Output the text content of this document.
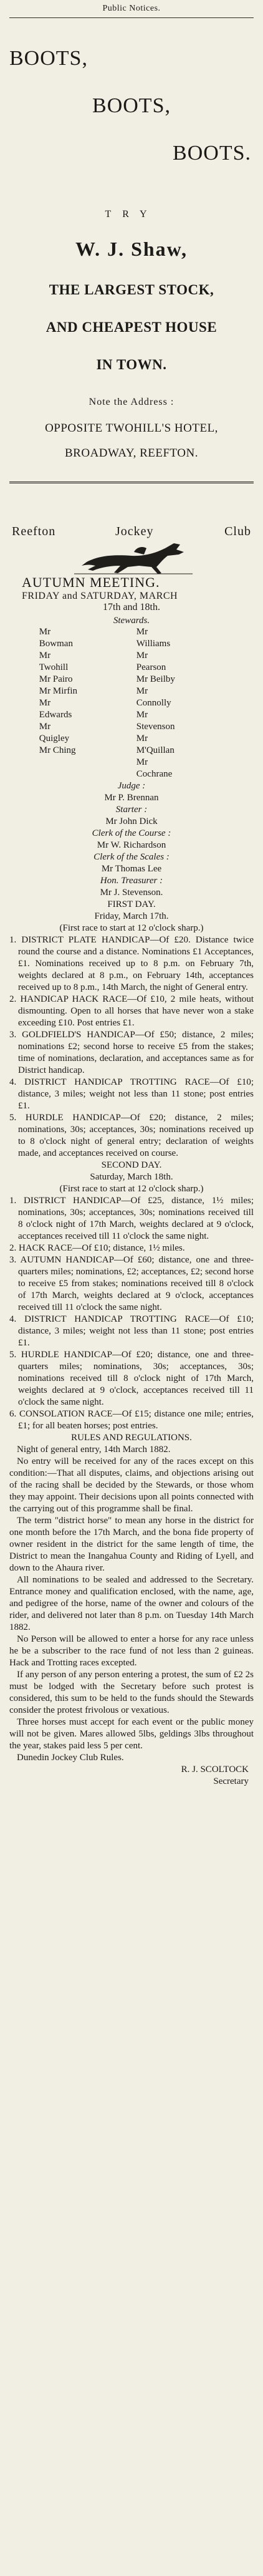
Public Notices.
BOOTS,
BOOTS,
BOOTS.
TRY
W. J. Shaw,
THE LARGEST STOCK,
AND CHEAPEST HOUSE
IN TOWN.
Note the Address :
OPPOSITE TWOHILL'S HOTEL,
BROADWAY, REEFTON.
Reefton	Jockey	Club
AUTUMN MEETING.
FRIDAY and SATURDAY, MARCH
17th and 18th.
Stewards.
Mr Bowman
Mr Twohill
Mr Pairo
Mr Mirfin
Mr Edwards
Mr Quigley
Mr Ching
Mr Williams
Mr Pearson
Mr Beilby
Mr Connolly
Mr Stevenson
Mr M'Quillan
Mr Cochrane
Judge :
Mr P. Brennan
Starter :
Mr John Dick
Clerk of the Course :
Mr W. Richardson
Clerk of the Scales :
Mr Thomas Lee
Hon. Treasurer :
Mr J. Stevenson.
FIRST DAY.
Friday, March 17th.
(First race to start at 12 o'clock sharp.)

1. DISTRICT PLATE HANDICAP—Of £20. Distance twice round the course and a distance. Nominations £1 Acceptances, £1. Nominations received up to 8 p.m. on February 7th, weights declared at 8 p.m., on February 14th, acceptances received up to 8 p.m., 14th March, the night of General entry.

2. HANDICAP HACK RACE—Of £10, 2 mile heats, without dismounting. Open to all horses that have never won a stake exceeding £10. Post entries £1.

3. GOLDFIELD'S HANDICAP—Of £50; distance, 2 miles; nominations £2; second horse to receive £5 from the stakes; time of nominations, declaration, and acceptances same as for District handicap.

4. DISTRICT HANDICAP TROTTING RACE—Of £10; distance, 3 miles; weight not less than 11 stone; post entries £1.

5. HURDLE HANDICAP—Of £20; distance, 2 miles; nominations, 30s; acceptances, 30s; nominations received up to 8 o'clock night of general entry; declaration of weights made, and acceptances received on course.

SECOND DAY.
Saturday, March 18th.
(First race to start at 12 o'clock sharp.)

1. DISTRICT HANDICAP—Of £25, distance, 1½ miles; nominations, 30s; acceptances, 30s; nominations received till 8 o'clock night of 17th March, weights declared at 9 o'clock, acceptances received till 11 o'clock the same night.

2. HACK RACE—Of £10; distance, 1½ miles.

3. AUTUMN HANDICAP—Of £60; distance, one and three-quarters miles; nominations, £2; acceptances, £2; second horse to receive £5 from stakes; nominations received till 8 o'clock of 17th March, weights declared at 9 o'clock, acceptances received till 11 o'clock the same night.

4. DISTRICT HANDICAP TROTTING RACE—Of £10; distance, 3 miles; weight not less than 11 stone; post entries £1.

5. HURDLE HANDICAP—Of £20; distance, one and three-quarters miles; nominations, 30s; acceptances, 30s; nominations received till 8 o'clock night of 17th March, weights declared at 9 o'clock, acceptances received till 11 o'clock the same night.

6. CONSOLATION RACE—Of £15; distance one mile; entries, £1; for all beaten horses; post entries.

RULES AND REGULATIONS.

Night of general entry, 14th March 1882.

No entry will be received for any of the races except on this condition:—That all disputes, claims, and objections arising out of the racing shall be decided by the Stewards, or those whom they may appoint. Their decisions upon all points connected with the carrying out of this programme shall be final.

The term "district horse" to mean any horse in the district for one month before the 17th March, and the bona fide property of owner resident in the district for the same length of time, the District to mean the Inangahua County and Riding of Lyell, and down to the Ahaura river.

All nominations to be sealed and addressed to the Secretary. Entrance money and qualification enclosed, with the name, age, and pedigree of the horse, name of the owner and colours of the rider, and delivered not later than 8 p.m. on Tuesday 14th March 1882.

No Person will be allowed to enter a horse for any race unless he be a subscriber to the race fund of not less than 2 guineas. Hack and Trotting races excepted.

If any person of any person entering a protest, the sum of £2 2s must be lodged with the Secretary before such protest is considered, this sum to be held to the funds should the Stewards consider the protest frivolous or vexatious.

Three horses must accept for each event or the public money will not be given. Mares allowed 5lbs, geldings 3lbs throughout the year, stakes paid less 5 per cent.

Dunedin Jockey Club Rules.

R. J. SCOLTOCK
Secretary
